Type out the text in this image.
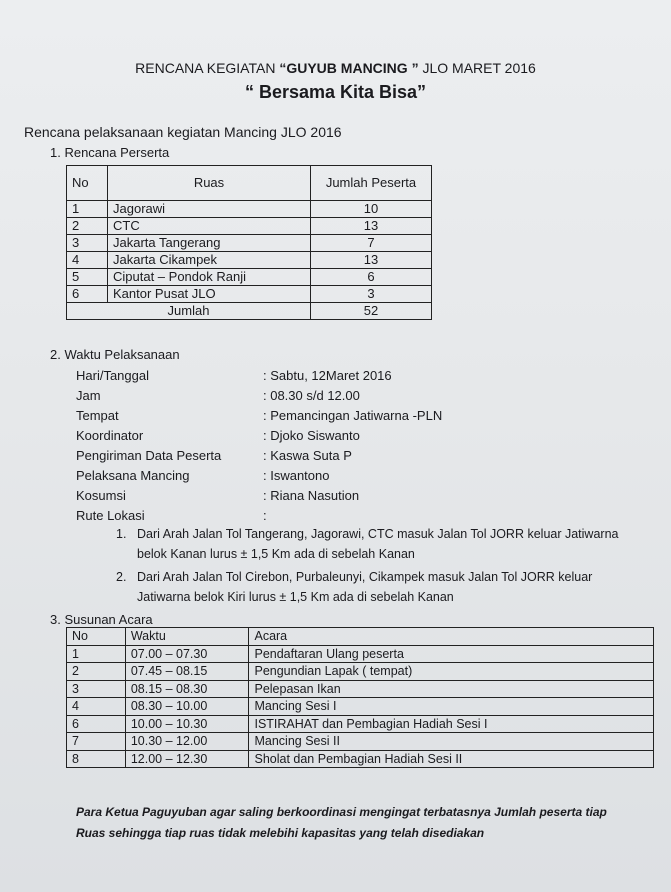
RENCANA KEGIATAN “GUYUB MANCING ” JLO MARET 2016
“ Bersama Kita Bisa”
Rencana pelaksanaan kegiatan Mancing JLO 2016
1. Rencana Perserta
No	Ruas	Jumlah Peserta
1	Jagorawi	10
2	CTC	13
3	Jakarta Tangerang	7
4	Jakarta Cikampek	13
5	Ciputat – Pondok Ranji	6
6	Kantor Pusat JLO	3
Jumlah		52
2. Waktu Pelaksanaan
Hari/Tanggal	: Sabtu, 12Maret 2016
Jam	: 08.30 s/d 12.00
Tempat	: Pemancingan Jatiwarna -PLN
Koordinator	: Djoko Siswanto
Pengiriman Data Peserta	: Kaswa Suta P
Pelaksana Mancing	: Iswantono
Kosumsi	: Riana Nasution
Rute Lokasi	:
1. Dari Arah Jalan Tol Tangerang, Jagorawi, CTC masuk Jalan Tol JORR keluar Jatiwarna
belok Kanan lurus ± 1,5 Km ada di sebelah Kanan
2. Dari Arah Jalan Tol Cirebon, Purbaleunyi, Cikampek masuk Jalan Tol JORR keluar
Jatiwarna belok Kiri lurus ± 1,5 Km ada di sebelah Kanan
3. Susunan Acara
No	Waktu	Acara
1	07.00 – 07.30	Pendaftaran Ulang peserta
2	07.45 – 08.15	Pengundian Lapak ( tempat)
3	08.15 – 08.30	Pelepasan Ikan
4	08.30 – 10.00	Mancing Sesi I
6	10.00 – 10.30	ISTIRAHAT dan Pembagian Hadiah Sesi I
7	10.30 – 12.00	Mancing Sesi II
8	12.00 – 12.30	Sholat dan Pembagian Hadiah Sesi II
Para Ketua Paguyuban agar saling berkoordinasi mengingat terbatasnya Jumlah peserta tiap
Ruas sehingga tiap ruas tidak melebihi kapasitas yang telah disediakan
